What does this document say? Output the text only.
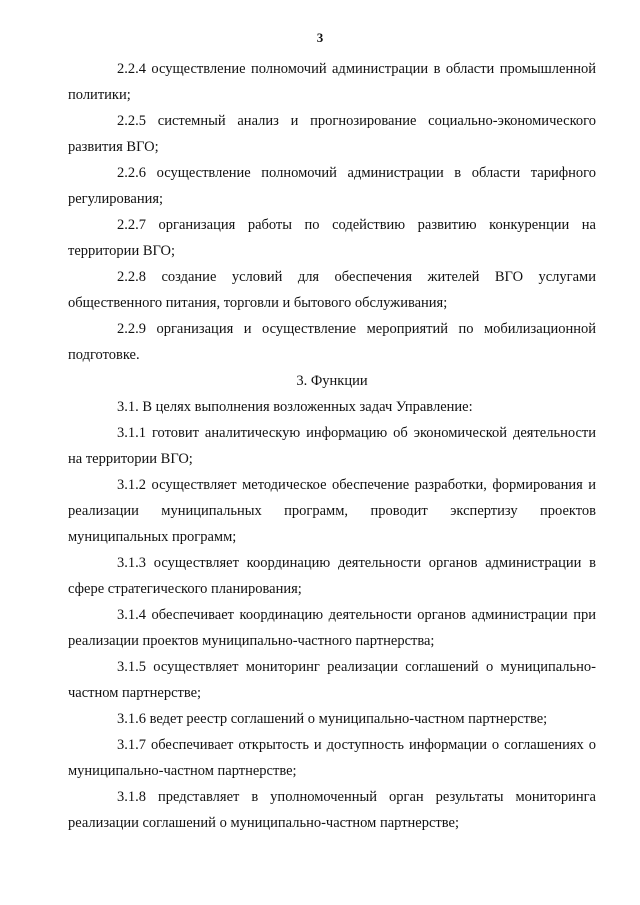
3

2.2.4 осуществление полномочий администрации в области промышленной политики;

2.2.5 системный анализ и прогнозирование социально-экономического развития ВГО;

2.2.6 осуществление полномочий администрации в области тарифного регулирования;

2.2.7 организация работы по содействию развитию конкуренции на территории ВГО;

2.2.8 создание условий для обеспечения жителей ВГО услугами общественного питания, торговли и бытового обслуживания;

2.2.9 организация и осуществление мероприятий по мобилизационной подготовке.

3. Функции

3.1. В целях выполнения возложенных задач Управление:

3.1.1 готовит аналитическую информацию об экономической деятельности на территории ВГО;

3.1.2 осуществляет методическое обеспечение разработки, формирования и реализации муниципальных программ, проводит экспертизу проектов муниципальных программ;

3.1.3 осуществляет координацию деятельности органов администрации в сфере стратегического планирования;

3.1.4 обеспечивает координацию деятельности органов администрации при реализации проектов муниципально-частного партнерства;

3.1.5 осуществляет мониторинг реализации соглашений о муниципально-частном партнерстве;

3.1.6 ведет реестр соглашений о муниципально-частном партнерстве;

3.1.7 обеспечивает открытость и доступность информации о соглашениях о муниципально-частном партнерстве;

3.1.8 представляет в уполномоченный орган результаты мониторинга реализации соглашений о муниципально-частном партнерстве;
